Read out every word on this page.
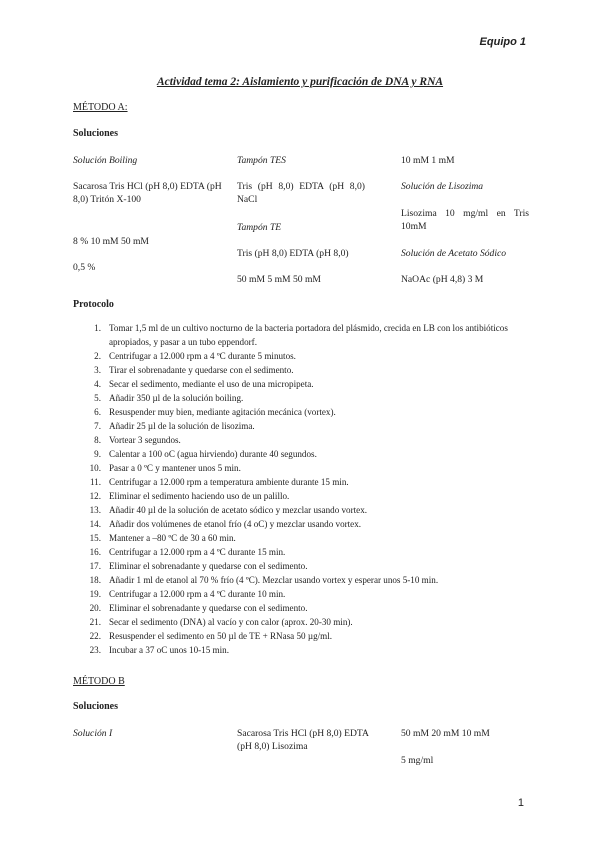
Equipo 1
Actividad tema 2: Aislamiento y purificación de DNA y RNA
MÉTODO A:
Soluciones
Solución Boiling
Sacarosa Tris HCl (pH 8,0) EDTA (pH 8,0) Tritón X-100
8 % 10 mM 50 mM
0,5 %
Tampón TES
Tris (pH 8,0) EDTA (pH 8,0) NaCl
Tampón TE
Tris (pH 8,0) EDTA (pH 8,0)
50 mM 5 mM 50 mM
10 mM 1 mM
Solución de Lisozima
Lisozima 10 mg/ml en Tris 10mM
Solución de Acetato Sódico
NaOAc (pH 4,8) 3 M
Protocolo
1. Tomar 1,5 ml de un cultivo nocturno de la bacteria portadora del plásmido, crecida en LB con los antibióticos apropiados, y pasar a un tubo eppendorf.
2. Centrifugar a 12.000 rpm a 4 ºC durante 5 minutos.
3. Tirar el sobrenadante y quedarse con el sedimento.
4. Secar el sedimento, mediante el uso de una micropipeta.
5. Añadir 350 µl de la solución boiling.
6. Resuspender muy bien, mediante agitación mecánica (vortex).
7. Añadir 25 µl de la solución de lisozima.
8. Vortear 3 segundos.
9. Calentar a 100 oC (agua hirviendo) durante 40 segundos.
10. Pasar a 0 ºC y mantener unos 5 min.
11. Centrifugar a 12.000 rpm a temperatura ambiente durante 15 min.
12. Eliminar el sedimento haciendo uso de un palillo.
13. Añadir 40 µl de la solución de acetato sódico y mezclar usando vortex.
14. Añadir dos volúmenes de etanol frío (4 oC) y mezclar usando vortex.
15. Mantener a –80 ºC de 30 a 60 min.
16. Centrifugar a 12.000 rpm a 4 ºC durante 15 min.
17. Eliminar el sobrenadante y quedarse con el sedimento.
18. Añadir 1 ml de etanol al 70 % frío (4 ºC). Mezclar usando vortex y esperar unos 5-10 min.
19. Centrifugar a 12.000 rpm a 4 ºC durante 10 min.
20. Eliminar el sobrenadante y quedarse con el sedimento.
21. Secar el sedimento (DNA) al vacío y con calor (aprox. 20-30 min).
22. Resuspender el sedimento en 50 µl de TE + RNasa 50 µg/ml.
23. Incubar a 37 oC unos 10-15 min.
MÉTODO B
Soluciones
Solución I	Sacarosa Tris HCl (pH 8,0) EDTA (pH 8,0) Lisozima
50 mM 20 mM 10 mM
5 mg/ml
1
